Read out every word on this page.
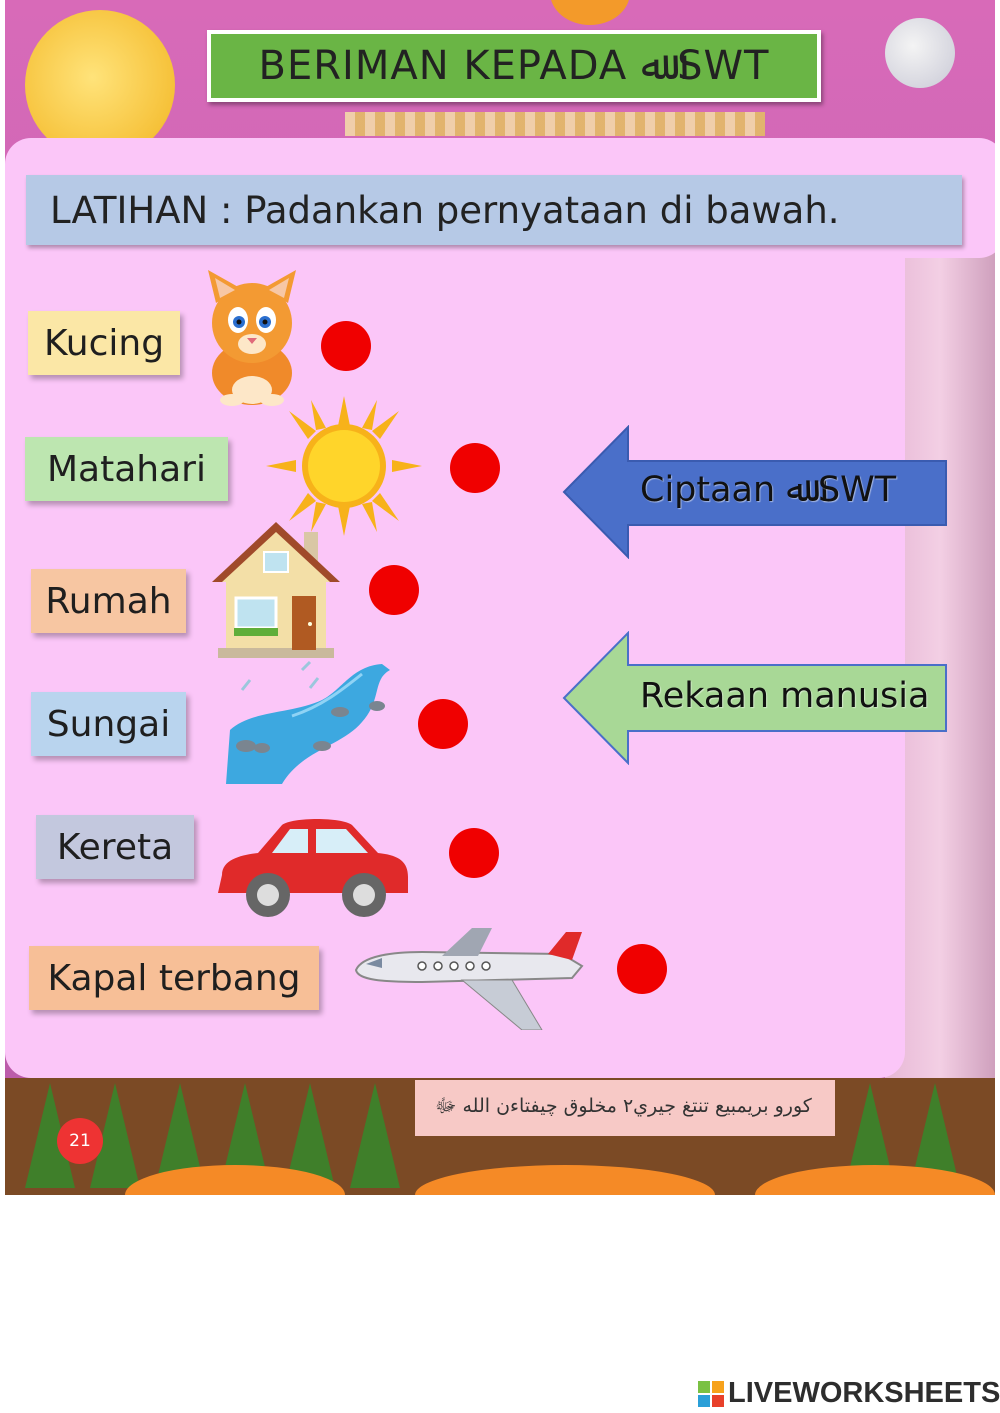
كورو بريمبيع تنتغ جيري٢ مخلوق چيفتاءن الله ﷻ
21
BERIMAN KEPADA ﷲ SWT
LATIHAN : Padankan pernyataan di bawah.
Kucing
Matahari
Rumah
Sungai
Kereta
Kapal terbang
Ciptaan ﷲ SWT
Rekaan manusia
LIVEWORKSHEETS
